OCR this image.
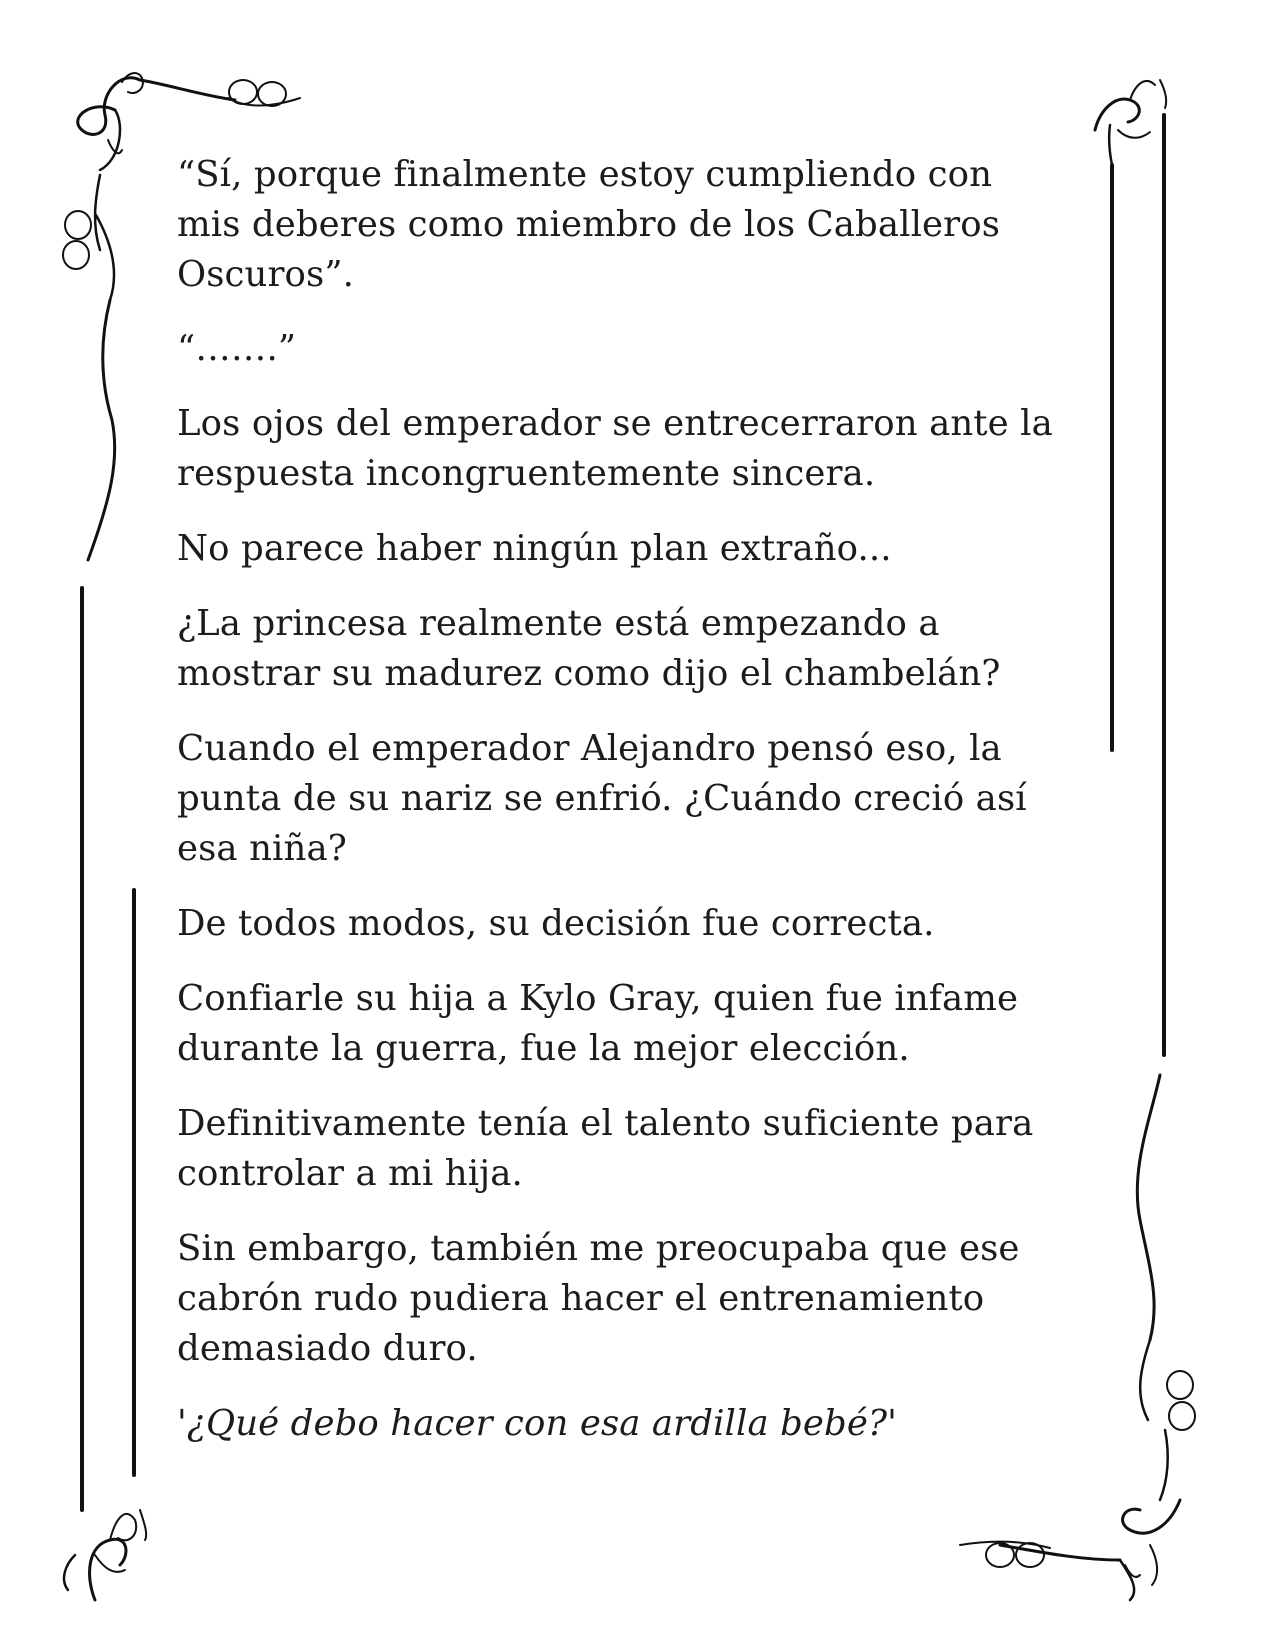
“Sí, porque finalmente estoy cumpliendo con
mis deberes como miembro de los Caballeros
Oscuros”.

“…….”

Los ojos del emperador se entrecerraron ante la
respuesta incongruentemente sincera.

No parece haber ningún plan extraño...

¿La princesa realmente está empezando a
mostrar su madurez como dijo el chambelán?

Cuando el emperador Alejandro pensó eso, la
punta de su nariz se enfrió. ¿Cuándo creció así
esa niña?

De todos modos, su decisión fue correcta.

Confiarle su hija a Kylo Gray, quien fue infame
durante la guerra, fue la mejor elección.

Definitivamente tenía el talento suficiente para
controlar a mi hija.

Sin embargo, también me preocupaba que ese
cabrón rudo pudiera hacer el entrenamiento
demasiado duro.

'¿Qué debo hacer con esa ardilla bebé?'
